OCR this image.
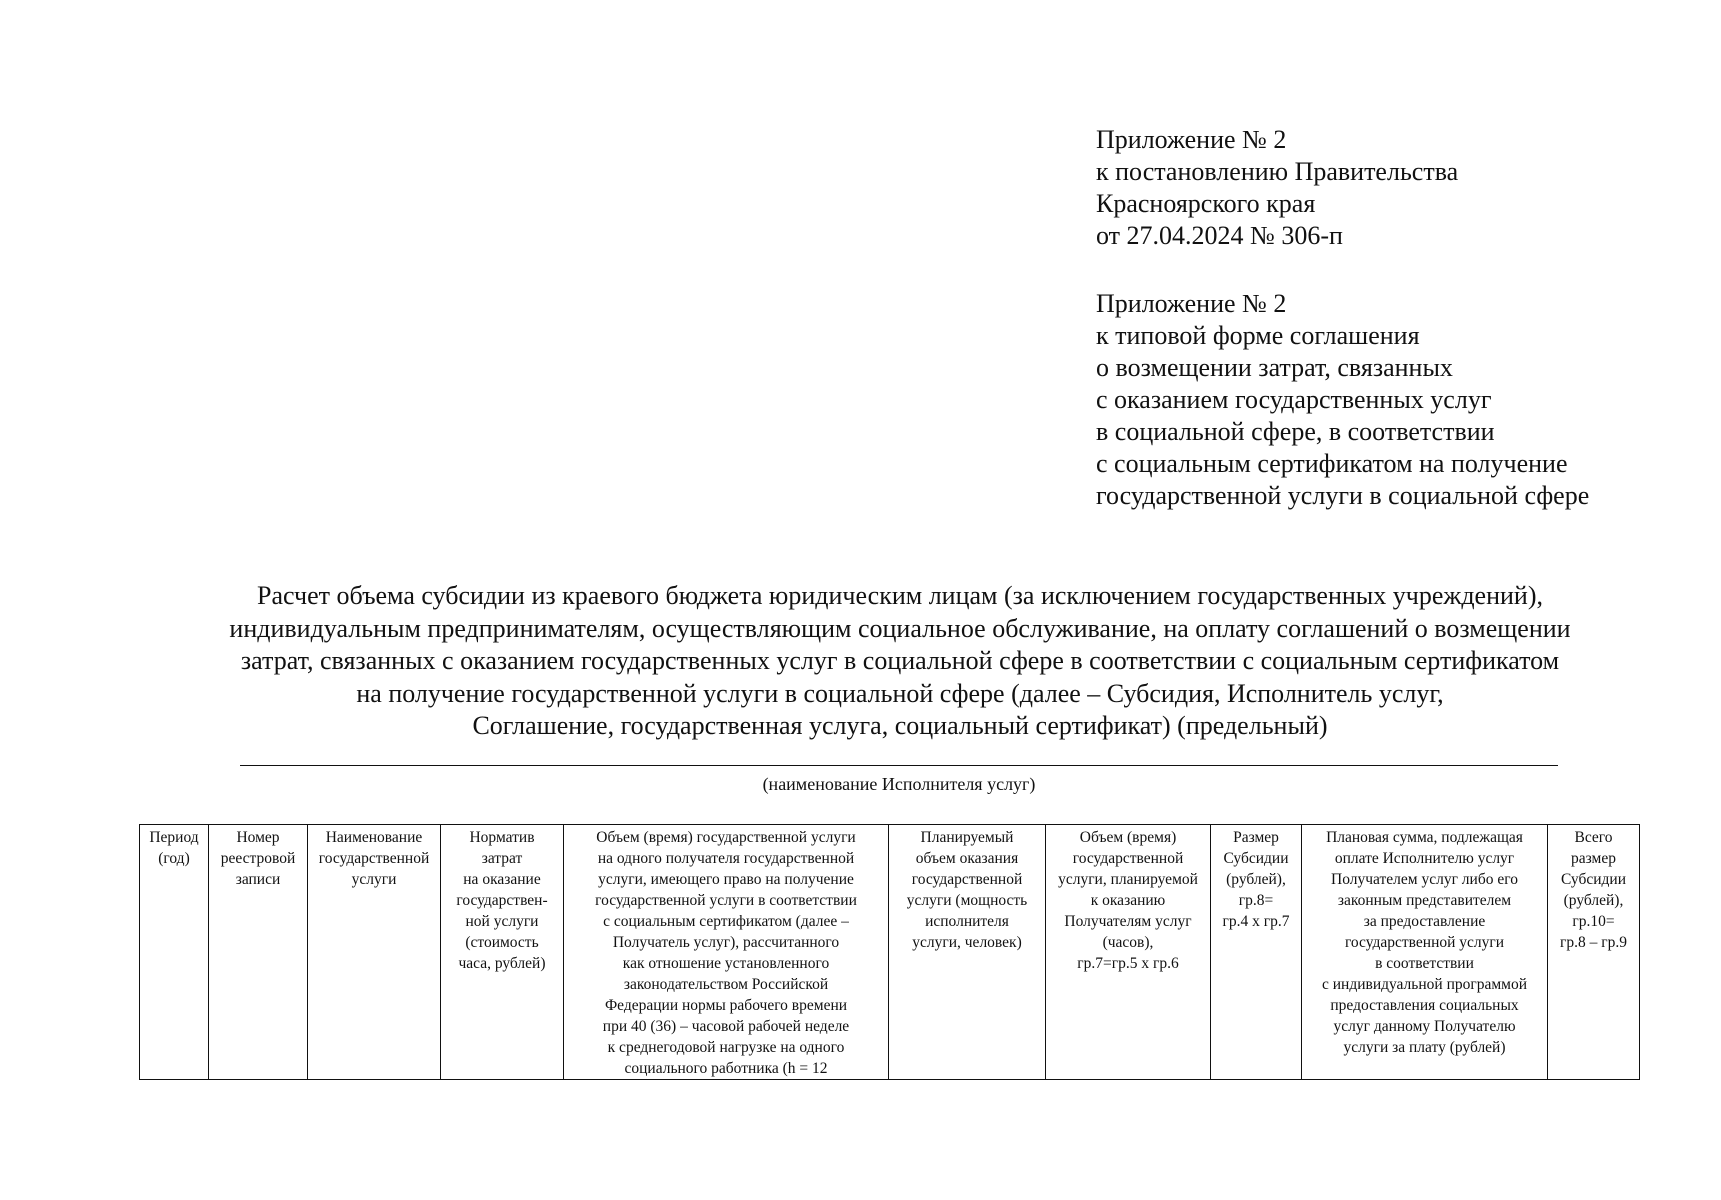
Приложение № 2
к постановлению Правительства
Красноярского края
от 27.04.2024 № 306-п
Приложение № 2
к типовой форме соглашения
о возмещении затрат, связанных
с оказанием государственных услуг
в социальной сфере, в соответствии
с социальным сертификатом на получение
государственной услуги в социальной сфере
Расчет объема субсидии из краевого бюджета юридическим лицам (за исключением государственных учреждений),
индивидуальным предпринимателям, осуществляющим социальное обслуживание, на оплату соглашений о возмещении
затрат, связанных с оказанием государственных услуг в социальной сфере в соответствии с социальным сертификатом
на получение государственной услуги в социальной сфере (далее – Субсидия, Исполнитель услуг,
Соглашение, государственная услуга, социальный сертификат) (предельный)
(наименование Исполнителя услуг)
Период
(год)	Номер
реестровой
записи	Наименование
государственной
услуги	Норматив
затрат
на оказание
государствен-
ной услуги
(стоимость
часа, рублей)	Объем (время) государственной услуги
на одного получателя государственной
услуги, имеющего право на получение
государственной услуги в соответствии
с социальным сертификатом (далее –
Получатель услуг), рассчитанного
как отношение установленного
законодательством Российской
Федерации нормы рабочего времени
при 40 (36) – часовой рабочей неделе
к среднегодовой нагрузке на одного
социального работника (h = 12	Планируемый
объем оказания
государственной
услуги (мощность
исполнителя
услуги, человек)	Объем (время)
государственной
услуги, планируемой
к оказанию
Получателям услуг
(часов),
гр.7=гр.5 х гр.6	Размер
Субсидии
(рублей),
гр.8=
гр.4 х гр.7	Плановая сумма, подлежащая
оплате Исполнителю услуг
Получателем услуг либо его
законным представителем
за предоставление
государственной услуги
в соответствии
с индивидуальной программой
предоставления социальных
услуг данному Получателю
услуги за плату (рублей)	Всего
размер
Субсидии
(рублей),
гр.10=
гр.8 – гр.9
